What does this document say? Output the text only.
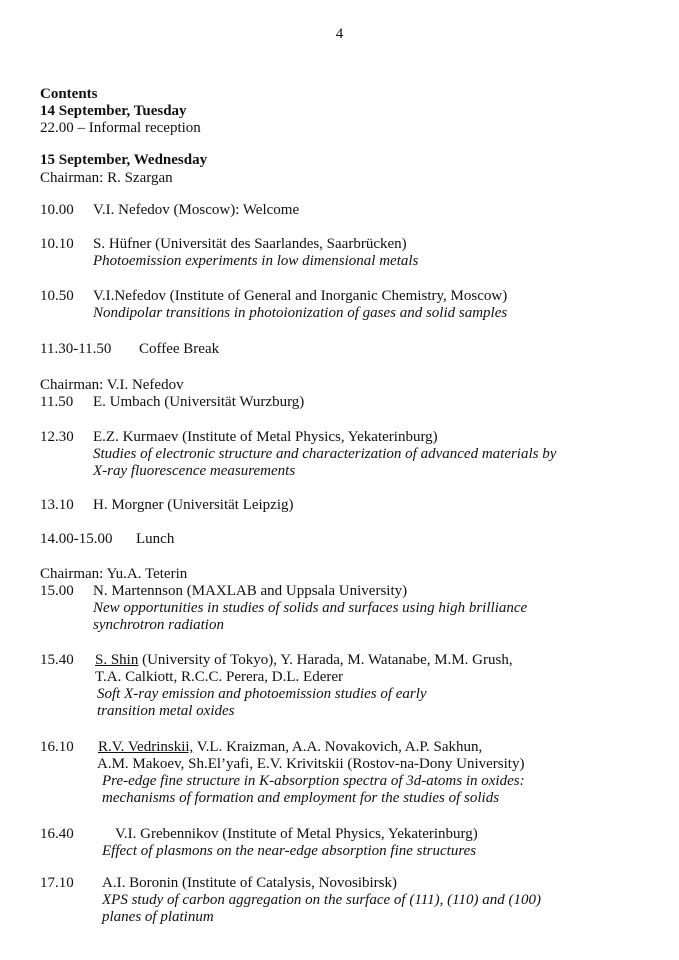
4
Contents
14 September, Tuesday
22.00 – Informal reception
15 September, Wednesday
Chairman: R. Szargan
10.00 V.I. Nefedov (Moscow): Welcome
10.10 S. Hüfner (Universität des Saarlandes, Saarbrücken)
Photoemission experiments in low dimensional metals
10.50 V.I.Nefedov (Institute of General and Inorganic Chemistry, Moscow)
Nondipolar transitions in photoionization of gases and solid samples
11.30-11.50 Coffee Break
Chairman: V.I. Nefedov
11.50 E. Umbach (Universität Wurzburg)
12.30 E.Z. Kurmaev (Institute of Metal Physics, Yekaterinburg)
Studies of electronic structure and characterization of advanced materials by
X-ray fluorescence measurements
13.10 H. Morgner (Universität Leipzig)
14.00-15.00 Lunch
Chairman: Yu.A. Teterin
15.00 N. Martennson (MAXLAB and Uppsala University)
New opportunities in studies of solids and surfaces using high brilliance
synchrotron radiation
15.40 S. Shin (University of Tokyo), Y. Harada, M. Watanabe, M.M. Grush,
T.A. Calkiott, R.C.C. Perera, D.L. Ederer
Soft X-ray emission and photoemission studies of early
transition metal oxides
16.10 R.V. Vedrinskii, V.L. Kraizman, A.A. Novakovich, A.P. Sakhun,
A.M. Makoev, Sh.El’yafi, E.V. Krivitskii (Rostov-na-Dony University)
Pre-edge fine structure in K-absorption spectra of 3d-atoms in oxides:
mechanisms of formation and employment for the studies of solids
16.40	V.I. Grebennikov (Institute of Metal Physics, Yekaterinburg)
Effect of plasmons on the near-edge absorption fine structures
17.10 A.I. Boronin (Institute of Catalysis, Novosibirsk)
XPS study of carbon aggregation on the surface of (111), (110) and (100)
planes of platinum
